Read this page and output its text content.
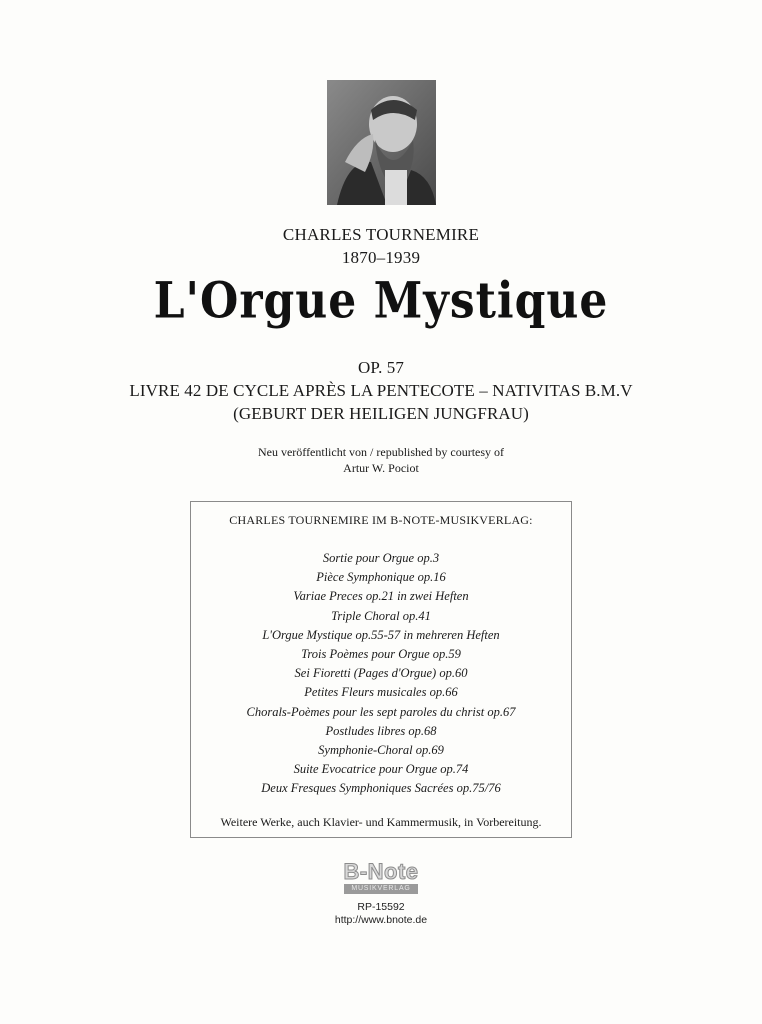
CHARLES TOURNEMIRE
1870–1939
L'Orgue Mystique
OP. 57
LIVRE 42 DE CYCLE APRÈS LA PENTECOTE – NATIVITAS B.M.V
(GEBURT DER HEILIGEN JUNGFRAU)
Neu veröffentlicht von / republished by courtesy of
Artur W. Pociot
CHARLES TOURNEMIRE IM B-NOTE-MUSIKVERLAG:
Sortie pour Orgue op.3
Pièce Symphonique op.16
Variae Preces op.21 in zwei Heften
Triple Choral op.41
L'Orgue Mystique op.55-57 in mehreren Heften
Trois Poèmes pour Orgue op.59
Sei Fioretti (Pages d'Orgue) op.60
Petites Fleurs musicales op.66
Chorals-Poèmes pour les sept paroles du christ op.67
Postludes libres op.68
Symphonie-Choral op.69
Suite Evocatrice pour Orgue op.74
Deux Fresques Symphoniques Sacrées op.75/76
Weitere Werke, auch Klavier- und Kammermusik, in Vorbereitung.
B-Note
MUSIKVERLAG
RP-15592
http://www.bnote.de
